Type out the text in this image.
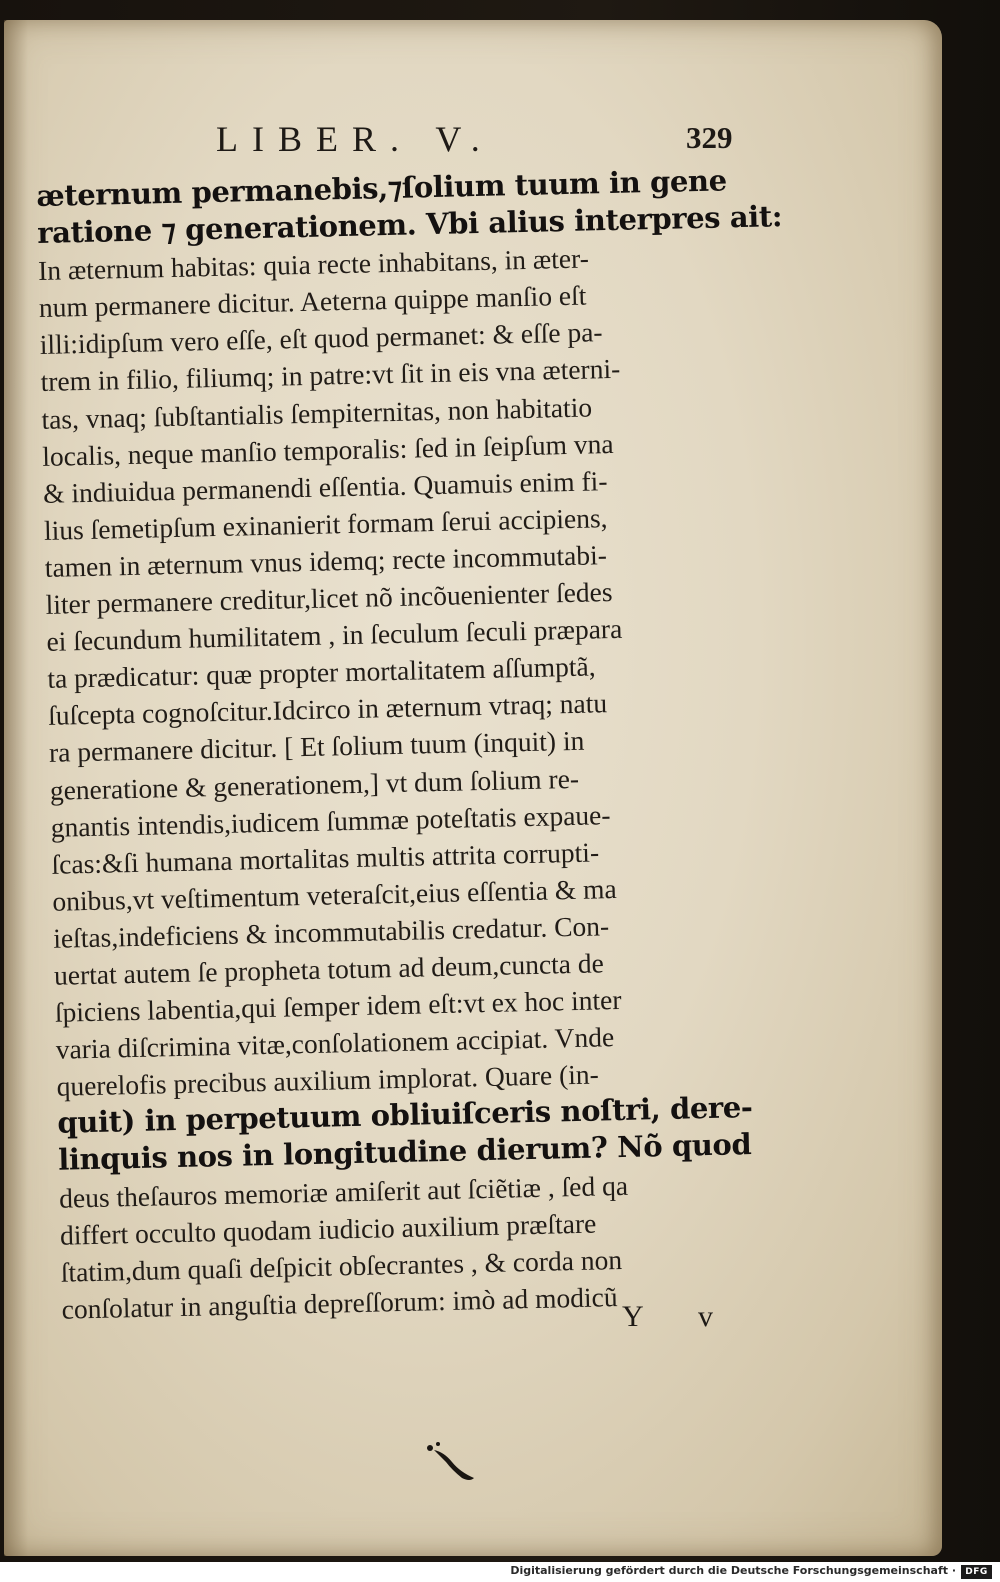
LIBER. V.	329
æternum permanebis,⁊ſolium tuum in gene
ratione ⁊ generationem. Vbi alius interpres ait:
In æternum habitas: quia recte inhabitans, in æter-
num permanere dicitur. Aeterna quippe manſio eſt
illi:idipſum vero eſſe, eſt quod permanet: & eſſe pa-
trem in filio, filiumq; in patre:vt ſit in eis vna æterni-
tas, vnaq; ſubſtantialis ſempiternitas, non habitatio
localis, neque manſio temporalis: ſed in ſeipſum vna
& indiuidua permanendi eſſentia. Quamuis enim fi-
lius ſemetipſum exinanierit formam ſerui accipiens,
tamen in æternum vnus idemq; recte incommutabi-
liter permanere creditur,licet nõ incõuenienter ſedes
ei ſecundum humilitatem , in ſeculum ſeculi præpara
ta prædicatur: quæ propter mortalitatem aſſumptã,
ſuſcepta cognoſcitur.Idcirco in æternum vtraq; natu
ra permanere dicitur. [ Et ſolium tuum (inquit) in
generatione & generationem,] vt dum ſolium re-
gnantis intendis,iudicem ſummæ poteſtatis expaue-
ſcas:&ſi humana mortalitas multis attrita corrupti-
onibus,vt veſtimentum veteraſcit,eius eſſentia & ma
ieſtas,indeficiens & incommutabilis credatur. Con-
uertat autem ſe propheta totum ad deum,cuncta de
ſpiciens labentia,qui ſemper idem eſt:vt ex hoc inter
varia diſcrimina vitæ,conſolationem accipiat. Vnde
querelofis precibus auxilium implorat. Quare (in-
quit) in perpetuum obliuiſceris noſtri, dere-
linquis nos in longitudine dierum? Nõ quod
deus theſauros memoriæ amiſerit aut ſciẽtiæ , ſed qa
differt occulto quodam iudicio auxilium præſtare
ſtatim,dum quaſi deſpicit obſecrantes , & corda non
conſolatur in anguſtia depreſſorum: imò ad modicũ Y v
Digitalisierung gefördert durch die Deutsche Forschungsgemeinschaft ·	DFG
